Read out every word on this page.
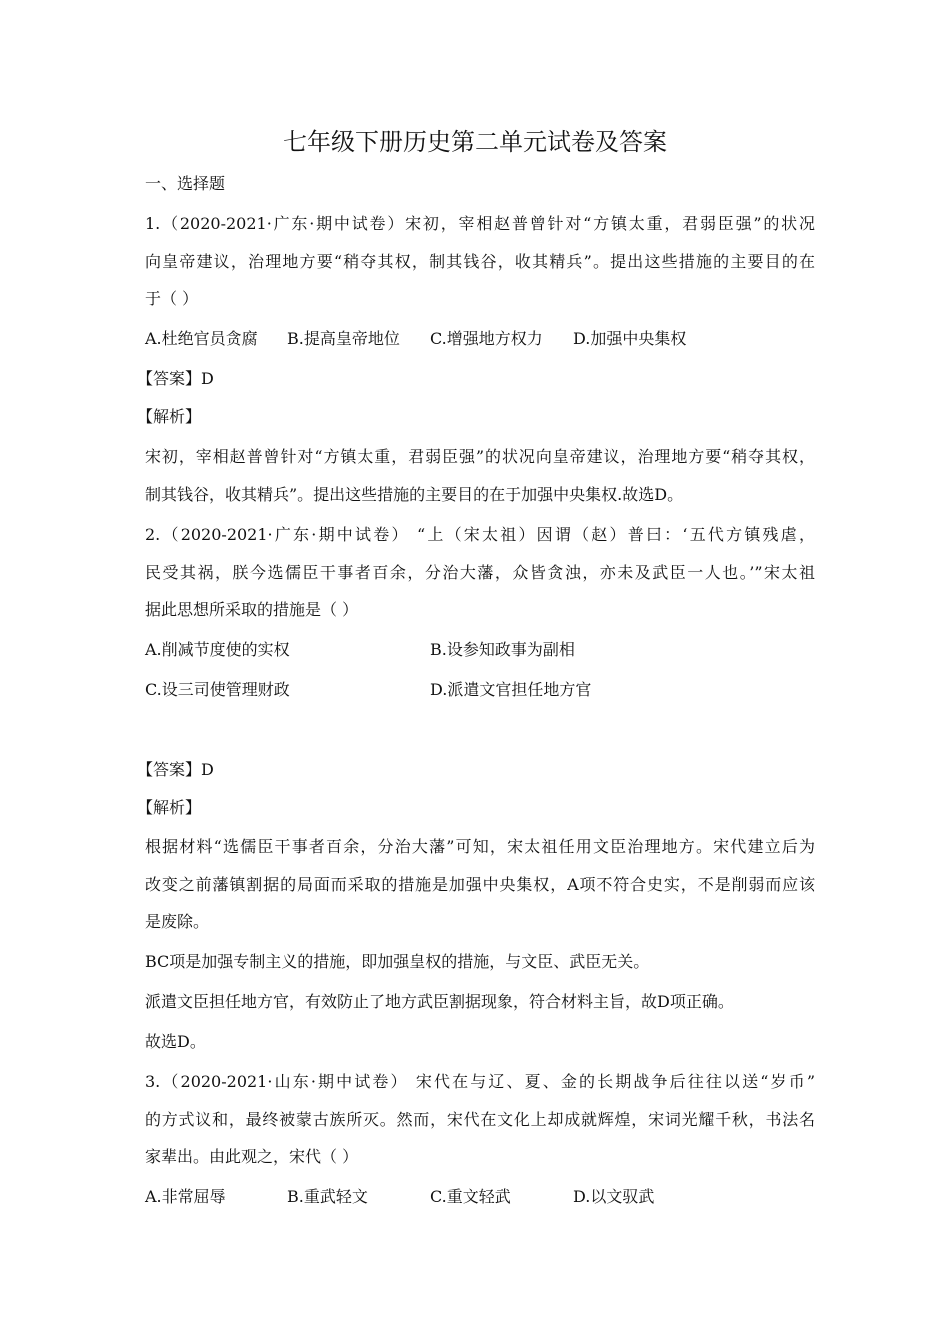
七年级下册历史第二单元试卷及答案
一、选择题
1.（2020-2021·广东·期中试卷）宋初，宰相赵普曾针对“方镇太重，君弱臣强”的状况
向皇帝建议，治理地方要“稍夺其权，制其钱谷，收其精兵”。提出这些措施的主要目的在
于（ ）
A.杜绝官员贪腐 B.提高皇帝地位 C.增强地方权力 D.加强中央集权
【答案】D
【解析】
宋初，宰相赵普曾针对“方镇太重，君弱臣强”的状况向皇帝建议，治理地方要“稍夺其权，
制其钱谷，收其精兵”。提出这些措施的主要目的在于加强中央集权.故选D。
2.（2020-2021·广东·期中试卷） “上（宋太祖）因谓（赵）普曰：‘五代方镇残虐，
民受其祸，朕今选儒臣干事者百余，分治大藩，众皆贪浊，亦未及武臣一人也。’”宋太祖
据此思想所采取的措施是（ ）
A.削减节度使的实权	B.设参知政事为副相
C.设三司使管理财政	D.派遣文官担任地方官
【答案】D
【解析】
根据材料“选儒臣干事者百余，分治大藩”可知，宋太祖任用文臣治理地方。宋代建立后为
改变之前藩镇割据的局面而采取的措施是加强中央集权，A项不符合史实，不是削弱而应该
是废除。
BC项是加强专制主义的措施，即加强皇权的措施，与文臣、武臣无关。
派遣文臣担任地方官，有效防止了地方武臣割据现象，符合材料主旨，故D项正确。
故选D。
3.（2020-2021·山东·期中试卷） 宋代在与辽、夏、金的长期战争后往往以送“岁币”
的方式议和，最终被蒙古族所灭。然而，宋代在文化上却成就辉煌，宋词光耀千秋，书法名
家辈出。由此观之，宋代（ ）
A.非常屈辱	B.重武轻文	C.重文轻武	D.以文驭武
